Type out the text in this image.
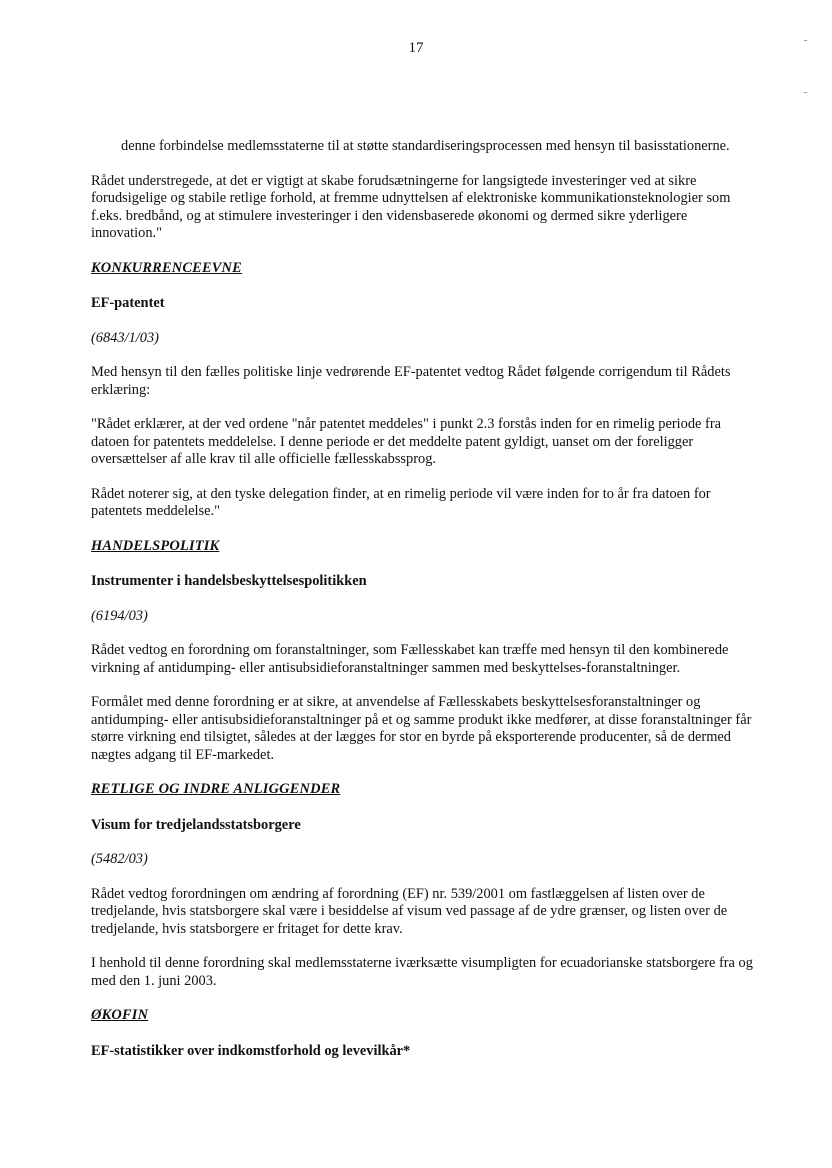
17

denne forbindelse medlemsstaterne til at støtte standardiseringsprocessen med hensyn til basisstationerne.

Rådet understregede, at det er vigtigt at skabe forudsætningerne for langsigtede investeringer ved at sikre forudsigelige og stabile retlige forhold, at fremme udnyttelsen af elektroniske kommunikationsteknologier som f.eks. bredbånd, og at stimulere investeringer i den vidensbaserede økonomi og dermed sikre yderligere innovation."

KONKURRENCEEVNE
EF-patentet
(6843/1/03)

Med hensyn til den fælles politiske linje vedrørende EF-patentet vedtog Rådet følgende corrigendum til Rådets erklæring:

"Rådet erklærer, at der ved ordene "når patentet meddeles" i punkt 2.3 forstås inden for en rimelig periode fra datoen for patentets meddelelse. I denne periode er det meddelte patent gyldigt, uanset om der foreligger oversættelser af alle krav til alle officielle fællesskabssprog.

Rådet noterer sig, at den tyske delegation finder, at en rimelig periode vil være inden for to år fra datoen for patentets meddelelse."

HANDELSPOLITIK
Instrumenter i handelsbeskyttelsespolitikken
(6194/03)

Rådet vedtog en forordning om foranstaltninger, som Fællesskabet kan træffe med hensyn til den kombinerede virkning af antidumping- eller antisubsidieforanstaltninger sammen med beskyttelses-foranstaltninger.

Formålet med denne forordning er at sikre, at anvendelse af Fællesskabets beskyttelsesforanstaltninger og antidumping- eller antisubsidieforanstaltninger på et og samme produkt ikke medfører, at disse foranstaltninger får større virkning end tilsigtet, således at der lægges for stor en byrde på eksporterende producenter, så de dermed nægtes adgang til EF-markedet.

RETLIGE OG INDRE ANLIGGENDER
Visum for tredjelandsstatsborgere
(5482/03)

Rådet vedtog forordningen om ændring af forordning (EF) nr. 539/2001 om fastlæggelsen af listen over de tredjelande, hvis statsborgere skal være i besiddelse af visum ved passage af de ydre grænser, og listen over de tredjelande, hvis statsborgere er fritaget for dette krav.

I henhold til denne forordning skal medlemsstaterne iværksætte visumpligten for ecuadorianske statsborgere fra og med den 1. juni 2003.

ØKOFIN
EF-statistikker over indkomstforhold og levevilkår*
